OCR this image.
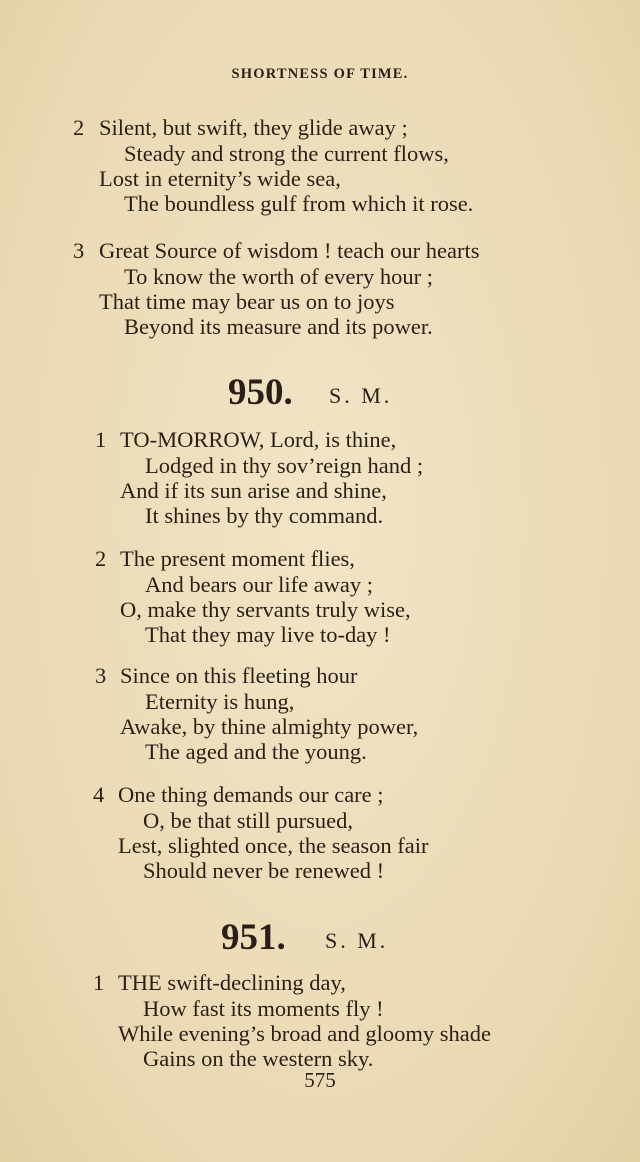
SHORTNESS OF TIME.
2 Silent, but swift, they glide away ;
Steady and strong the current flows,
Lost in eternity’s wide sea,
The boundless gulf from which it rose.
3 Great Source of wisdom ! teach our hearts
To know the worth of every hour ;
That time may bear us on to joys
Beyond its measure and its power.
950. S. M.
1 TO-MORROW, Lord, is thine,
Lodged in thy sov’reign hand ;
And if its sun arise and shine,
It shines by thy command.
2 The present moment flies,
And bears our life away ;
O, make thy servants truly wise,
That they may live to-day !
3 Since on this fleeting hour
Eternity is hung,
Awake, by thine almighty power,
The aged and the young.
4 One thing demands our care ;
O, be that still pursued,
Lest, slighted once, the season fair
Should never be renewed !
951. S. M.
1 THE swift-declining day,
How fast its moments fly !
While evening’s broad and gloomy shade
Gains on the western sky.
575
